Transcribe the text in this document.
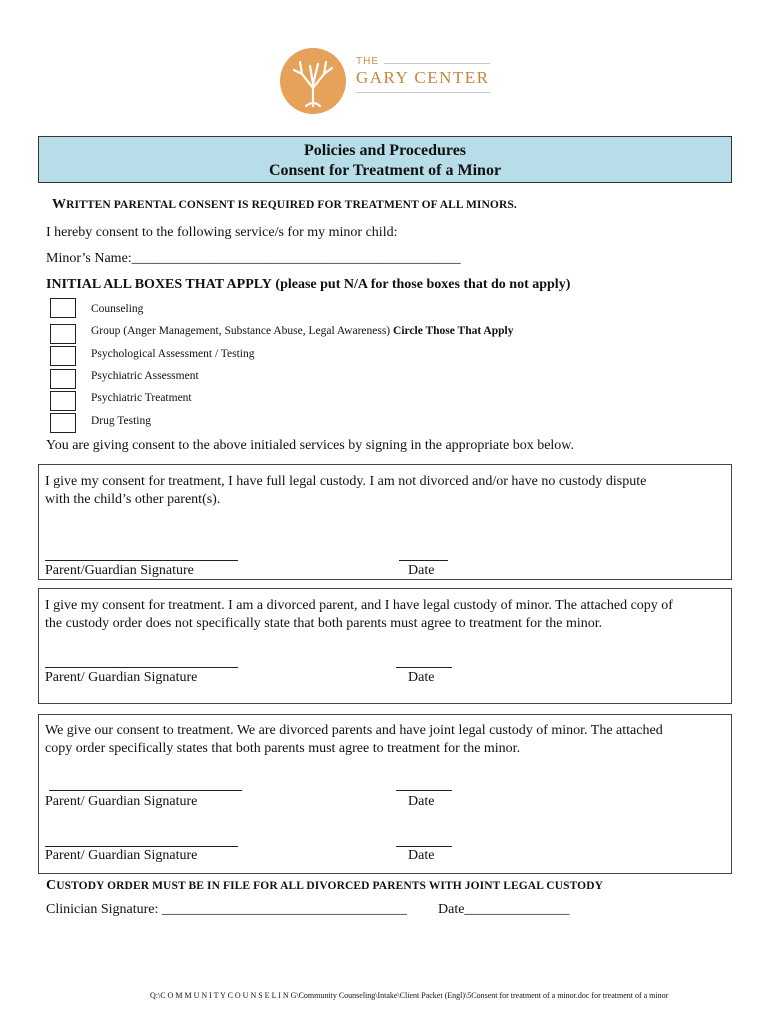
THE
GARY CENTER
Policies and Procedures
Consent for Treatment of a Minor
WRITTEN PARENTAL CONSENT IS REQUIRED FOR TREATMENT OF ALL MINORS.
I hereby consent to the following service/s for my minor child:
Minor’s Name:_______________________________________________
INITIAL ALL BOXES THAT APPLY (please put N/A for those boxes that do not apply)
Counseling
Group (Anger Management, Substance Abuse, Legal Awareness) Circle Those That Apply
Psychological Assessment / Testing
Psychiatric Assessment
Psychiatric Treatment
Drug Testing
You are giving consent to the above initialed services by signing in the appropriate box below.
I give my consent for treatment, I have full legal custody. I am not divorced and/or have no custody dispute
with the child’s other parent(s).
Parent/Guardian Signature	Date
I give my consent for treatment. I am a divorced parent, and I have legal custody of minor. The attached copy of
the custody order does not specifically state that both parents must agree to treatment for the minor.
Parent/ Guardian Signature	Date
We give our consent to treatment. We are divorced parents and have joint legal custody of minor. The attached
copy order specifically states that both parents must agree to treatment for the minor.
Parent/ Guardian Signature	Date
Parent/ Guardian Signature	Date
CUSTODY ORDER MUST BE IN FILE FOR ALL DIVORCED PARENTS WITH JOINT LEGAL CUSTODY
Clinician Signature: ___________________________________ Date_______________
Q:\C O M M U N I T Y C O U N S E L I N G\Community Counseling\Intake\Client Packet (Engl)\5Consent for treatment of a minor.doc for treatment of a minor
